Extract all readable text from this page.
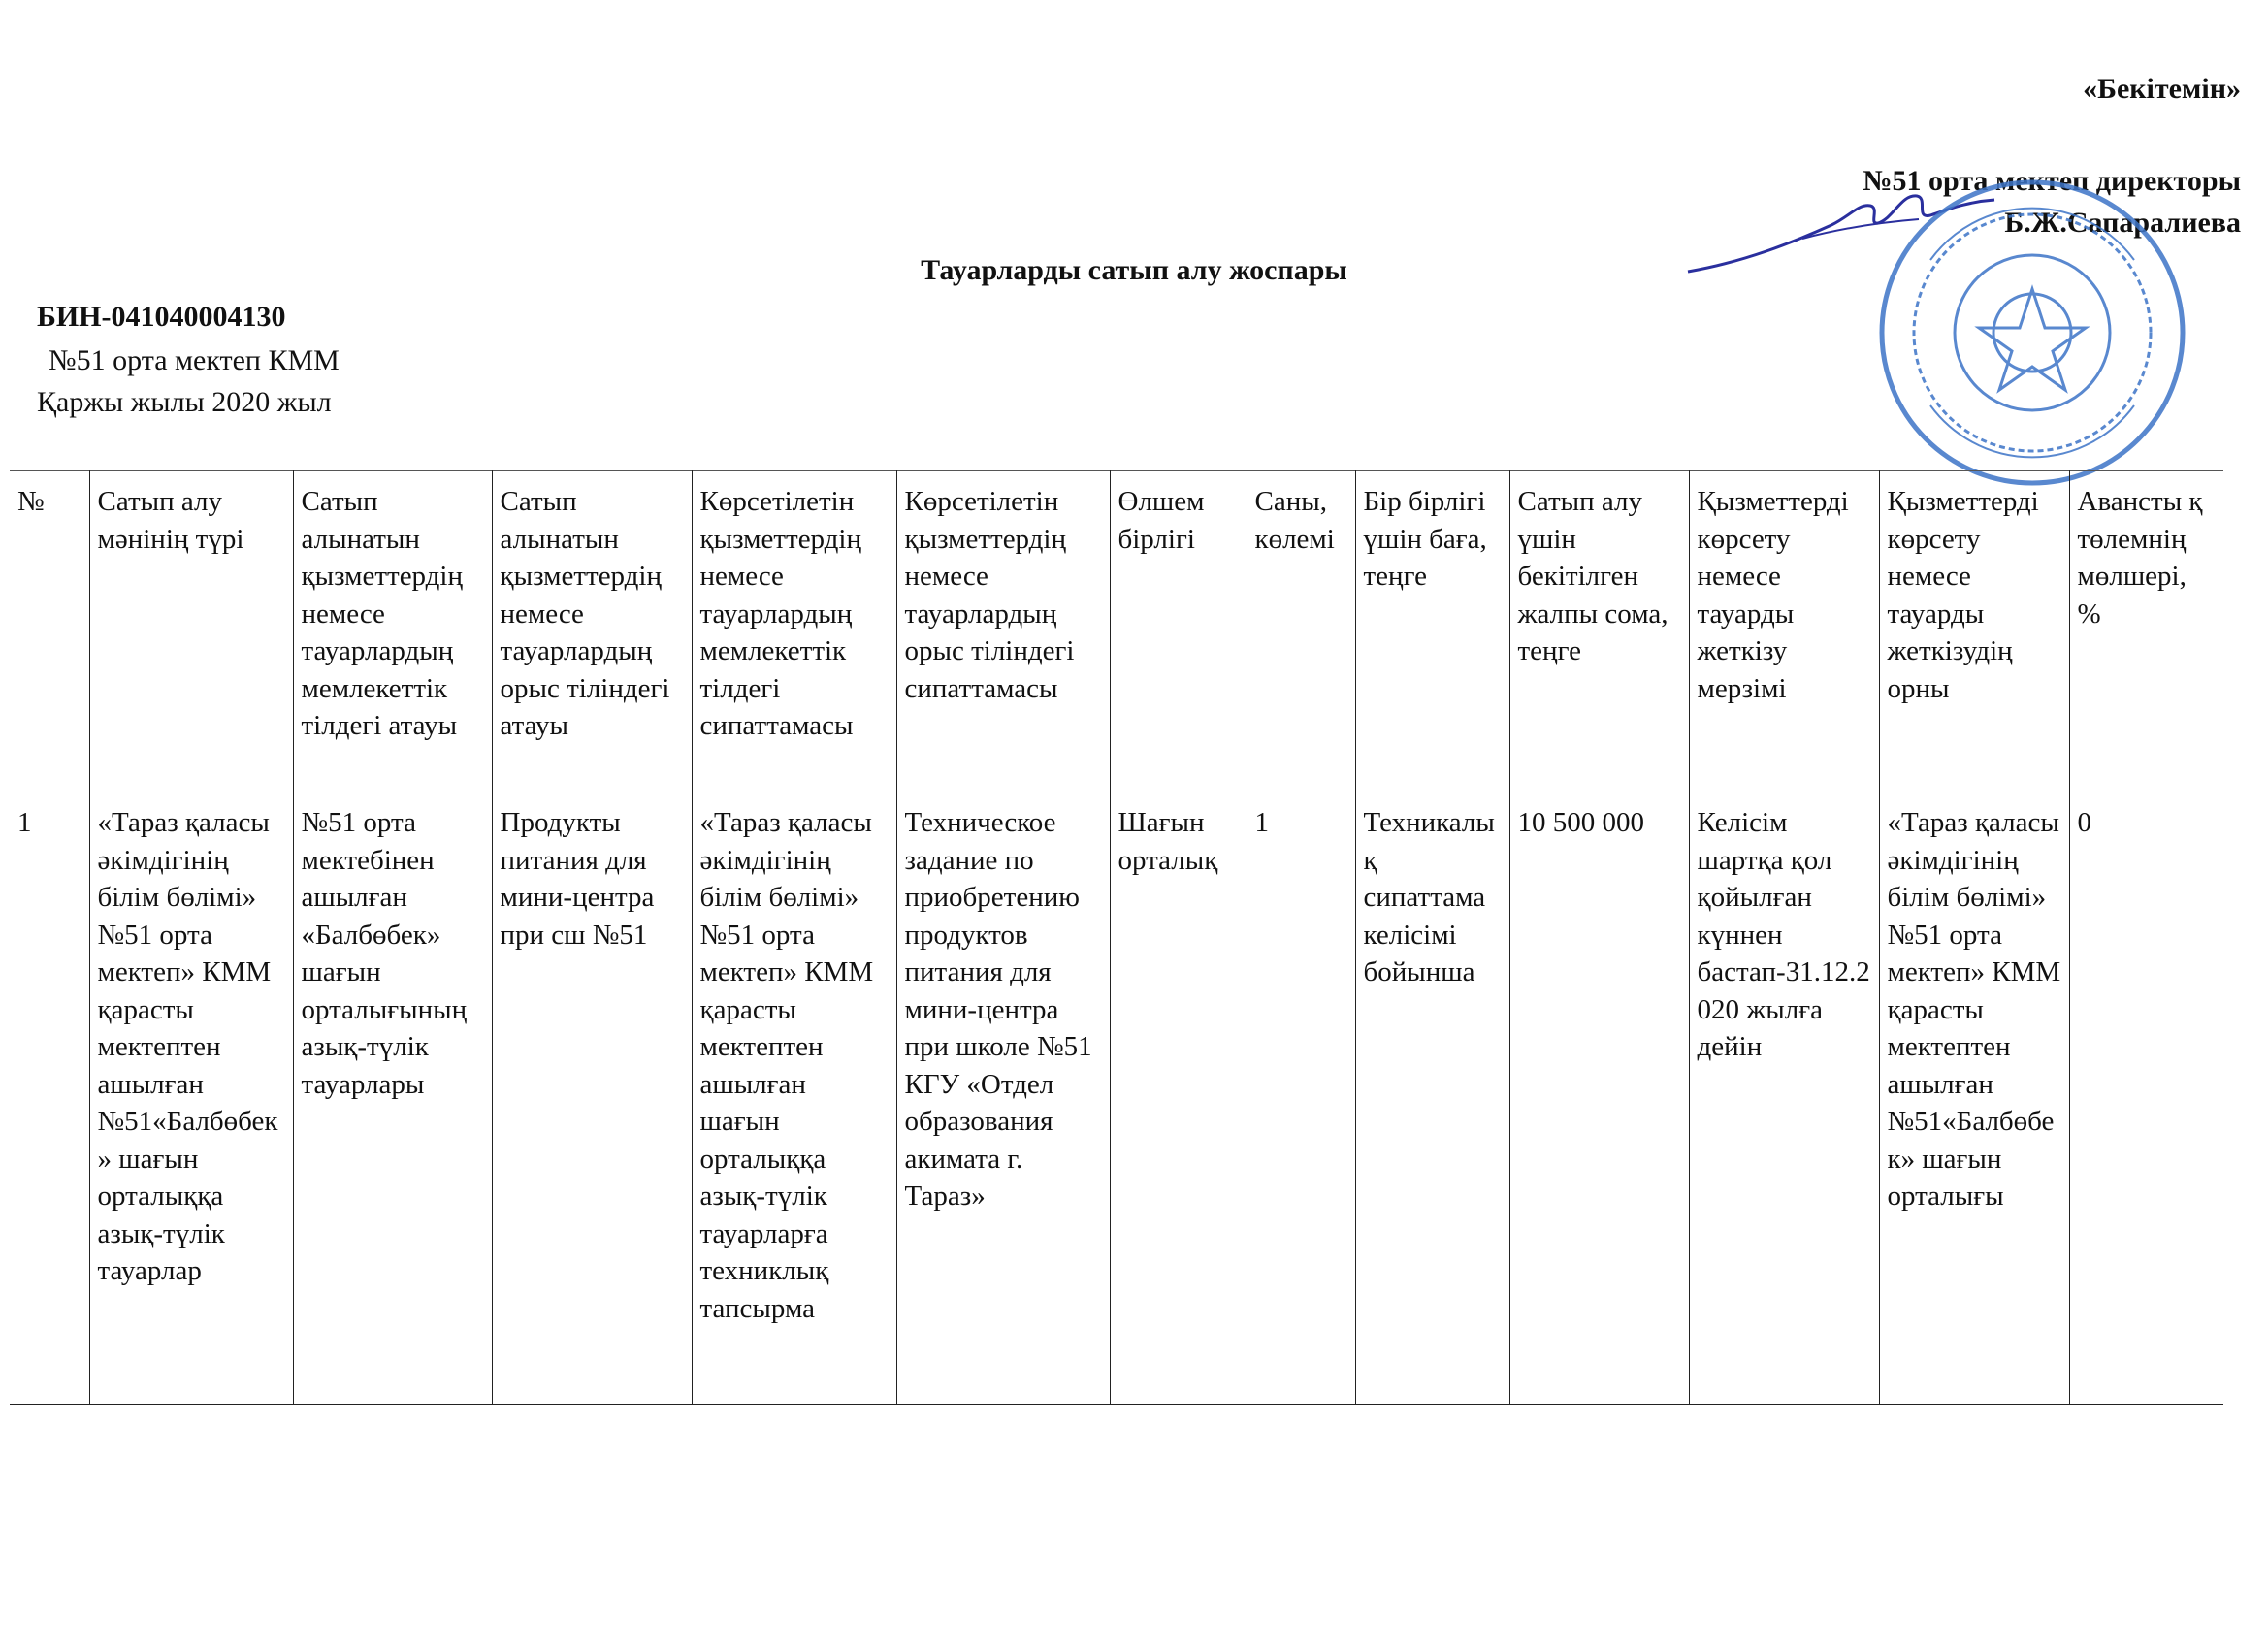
«Бекітемін»
№51 орта мектеп директоры
Б.Ж.Сапаралиева
Тауарларды сатып алу жоспары
БИН-041040004130
№51 орта мектеп КММ
Қаржы жылы 2020 жыл
№	Сатып алу мәнінің түрі	Сатып алынатын қызметтердің немесе тауарлардың мемлекеттік тілдегі атауы	Сатып алынатын қызметтердің немесе тауарлардың орыс тіліндегі атауы	Көрсетілетін қызметтердің немесе тауарлардың мемлекеттік тілдегі сипаттамасы	Көрсетілетін қызметтердің немесе тауарлардың орыс тіліндегі сипаттамасы	Өлшем бірлігі	Саны, көлемі	Бір бірлігі үшін баға, теңге	Сатып алу үшін бекітілген жалпы сома, теңге	Қызметтерді көрсету немесе тауарды жеткізу мерзімі	Қызметтерді көрсету немесе тауарды жеткізудің орны	Авансты қ төлемнің мөлшері, %
1	«Тараз қаласы әкімдігінің білім бөлімі» №51 орта мектеп» КММ қарасты мектептен ашылған №51«Балбөбек» шағын орталыққа азық-түлік тауарлар	№51 орта мектебінен ашылған «Балбөбек» шағын орталығының азық-түлік тауарлары	Продукты питания для мини-центра при сш №51	«Тараз қаласы әкімдігінің білім бөлімі» №51 орта мектеп» КММ қарасты мектептен ашылған шағын орталыққа азық-түлік тауарларға техниклық тапсырма	Техническое задание по приобретению продуктов питания для мини-центра при школе №51 КГУ «Отдел образования акимата г. Тараз»	Шағын орталық	1	Техникалық сипаттама келісімі бойынша	10 500 000	Келісім шартқа қол қойылған күннен бастап-31.12.2020 жылға дейін	«Тараз қаласы әкімдігінің білім бөлімі» №51 орта мектеп» КММ қарасты мектептен ашылған №51«Балбөбек» шағын орталығы	0
